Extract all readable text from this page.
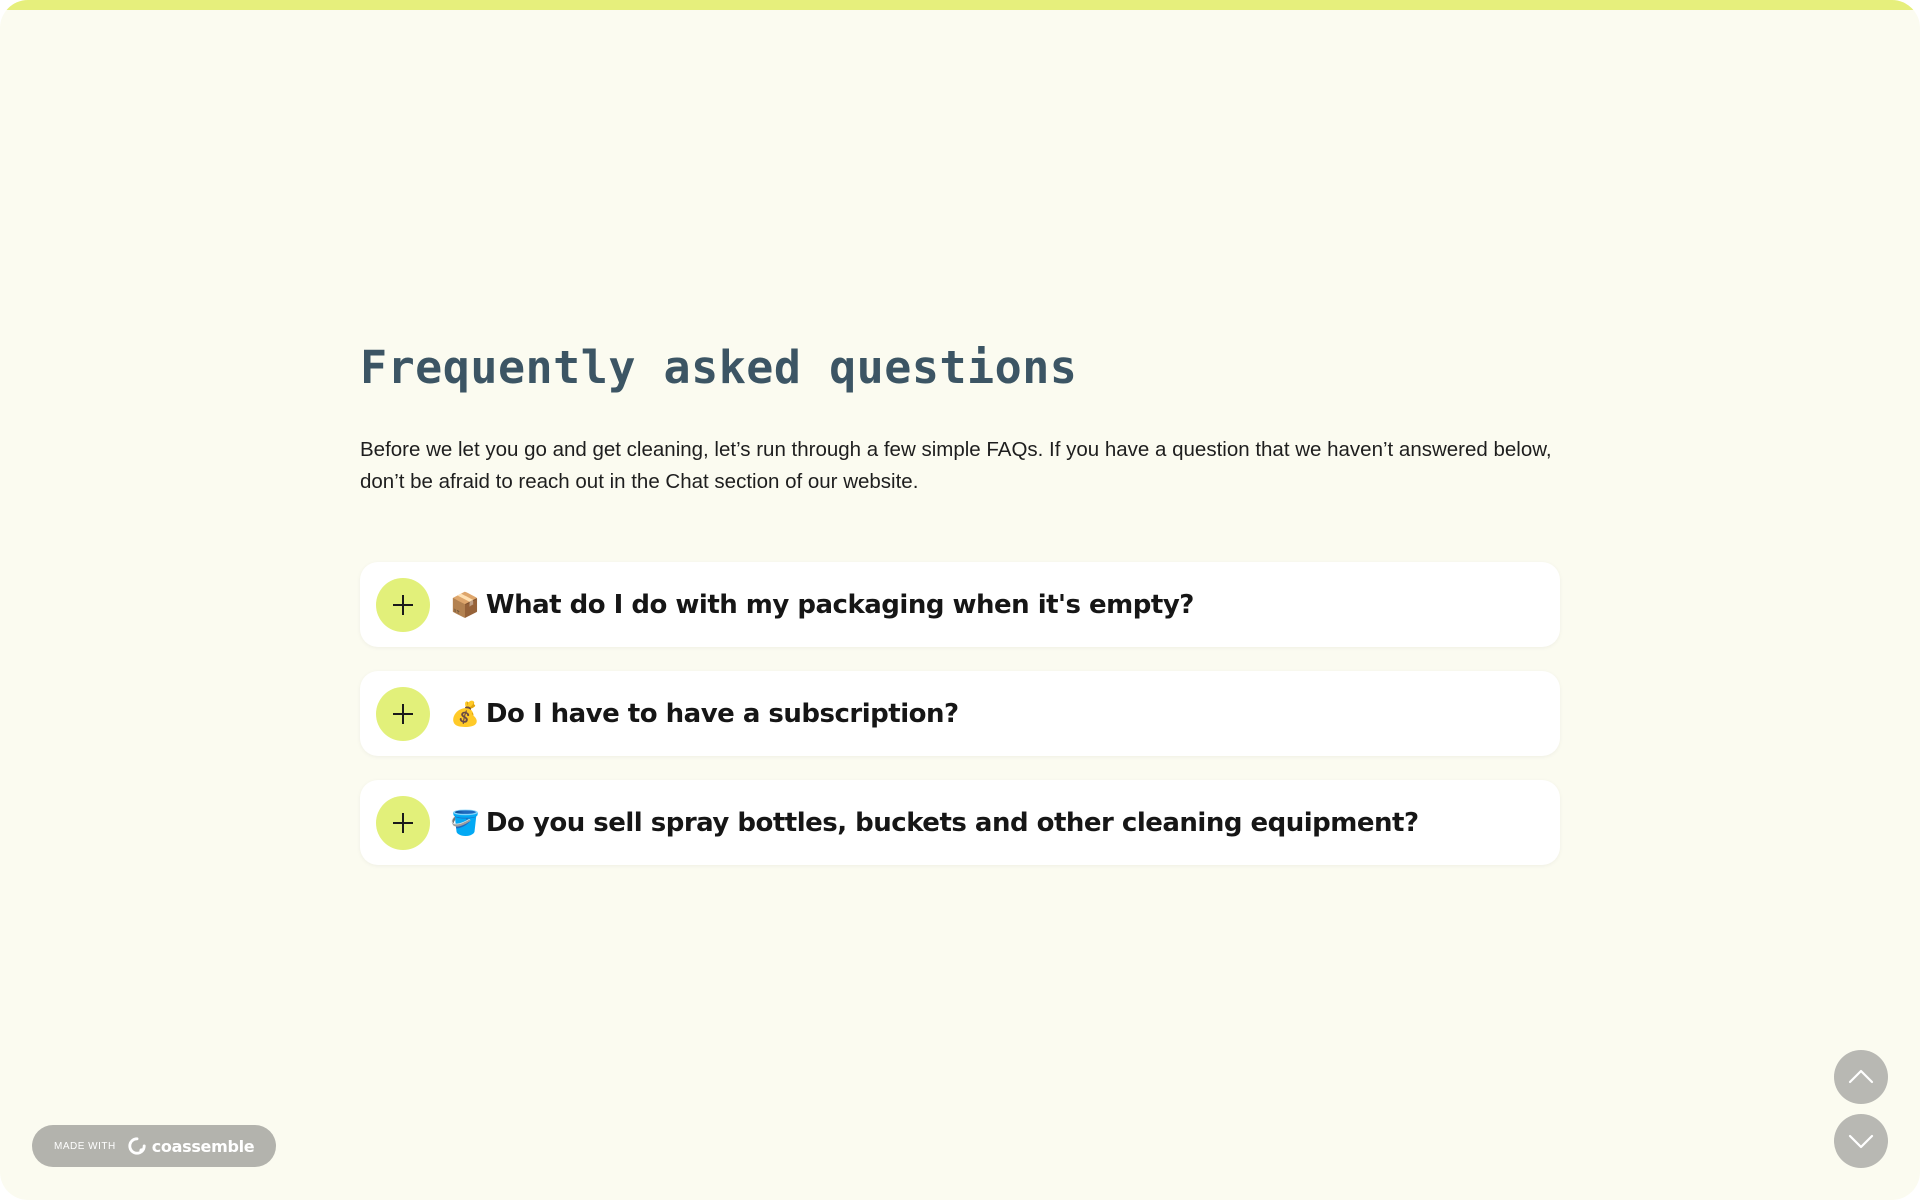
Frequently asked questions

Before we let you go and get cleaning, let’s run through a few simple FAQs. If you have a question that we haven’t answered below, don’t be afraid to reach out in the Chat section of our website.

📦 What do I do with my packaging when it's empty?
💰 Do I have to have a subscription?
🪣 Do you sell spray bottles, buckets and other cleaning equipment?
MADE WITH coassemble
